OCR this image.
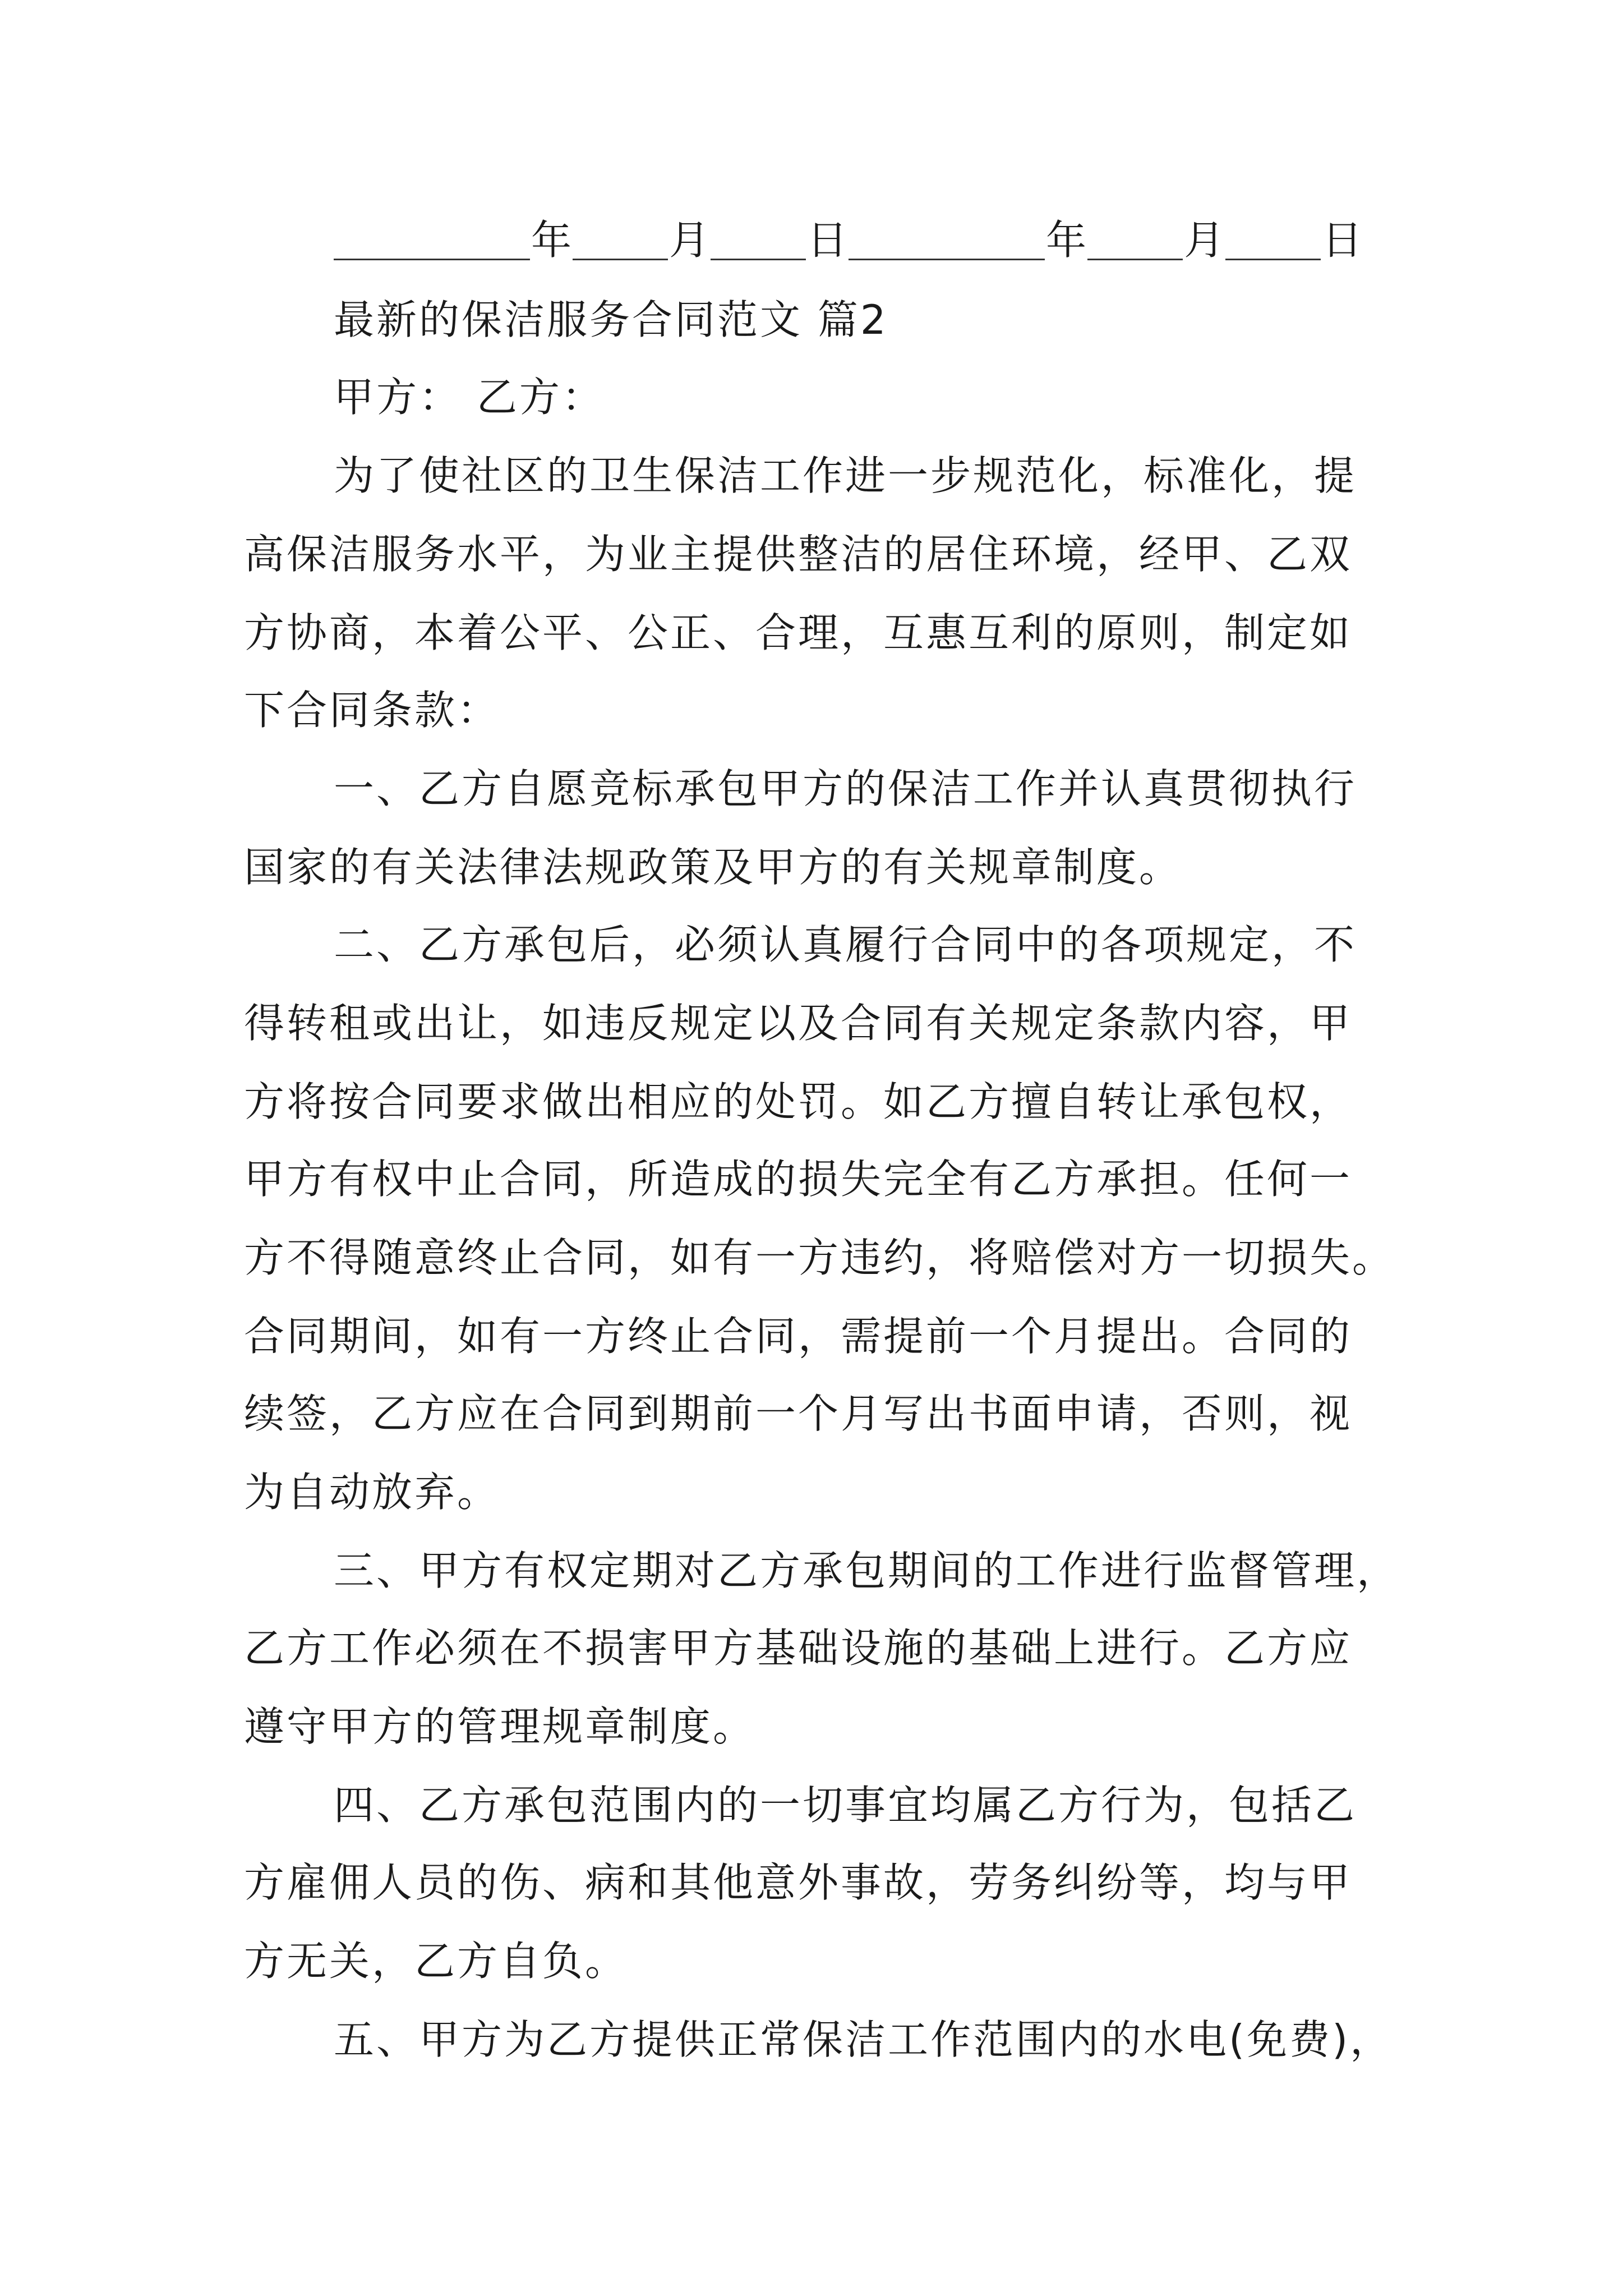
年 月 日	年 月 日
最新的保洁服务合同范文 篇2
甲方： 乙方：
为了使社区的卫生保洁工作进一步规范化，标准化，提
高保洁服务水平，为业主提供整洁的居住环境，经甲、乙双
方协商，本着公平、公正、合理，互惠互利的原则，制定如
下合同条款：
一、乙方自愿竞标承包甲方的保洁工作并认真贯彻执行
国家的有关法律法规政策及甲方的有关规章制度。
二、乙方承包后，必须认真履行合同中的各项规定，不
得转租或出让，如违反规定以及合同有关规定条款内容，甲
方将按合同要求做出相应的处罚。如乙方擅自转让承包权，
甲方有权中止合同，所造成的损失完全有乙方承担。任何一
方不得随意终止合同，如有一方违约，将赔偿对方一切损失。
合同期间，如有一方终止合同，需提前一个月提出。合同的
续签，乙方应在合同到期前一个月写出书面申请，否则，视
为自动放弃。
三、甲方有权定期对乙方承包期间的工作进行监督管理，
乙方工作必须在不损害甲方基础设施的基础上进行。乙方应
遵守甲方的管理规章制度。
四、乙方承包范围内的一切事宜均属乙方行为，包括乙
方雇佣人员的伤、病和其他意外事故，劳务纠纷等，均与甲
方无关，乙方自负。
五、甲方为乙方提供正常保洁工作范围内的水电(免费)，
